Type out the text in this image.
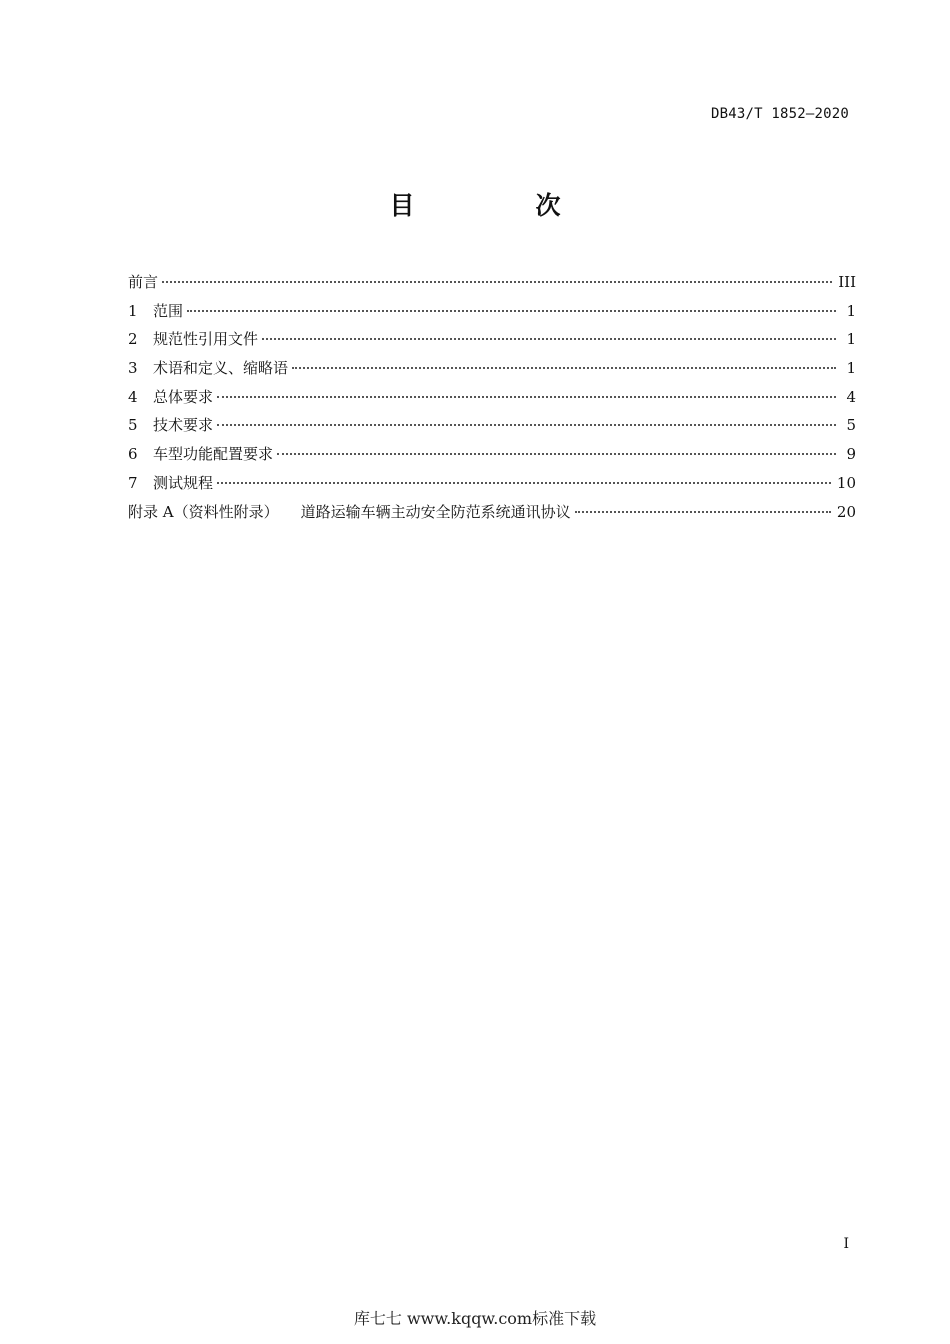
DB43/T 1852—2020
目　次
前言	III
1	范围	1
2	规范性引用文件	1
3	术语和定义、缩略语	1
4	总体要求	4
5	技术要求	5
6	车型功能配置要求	9
7	测试规程	10
附录 A（资料性附录） 道路运输车辆主动安全防范系统通讯协议	20
I
库七七 www.kqqw.com标准下载
